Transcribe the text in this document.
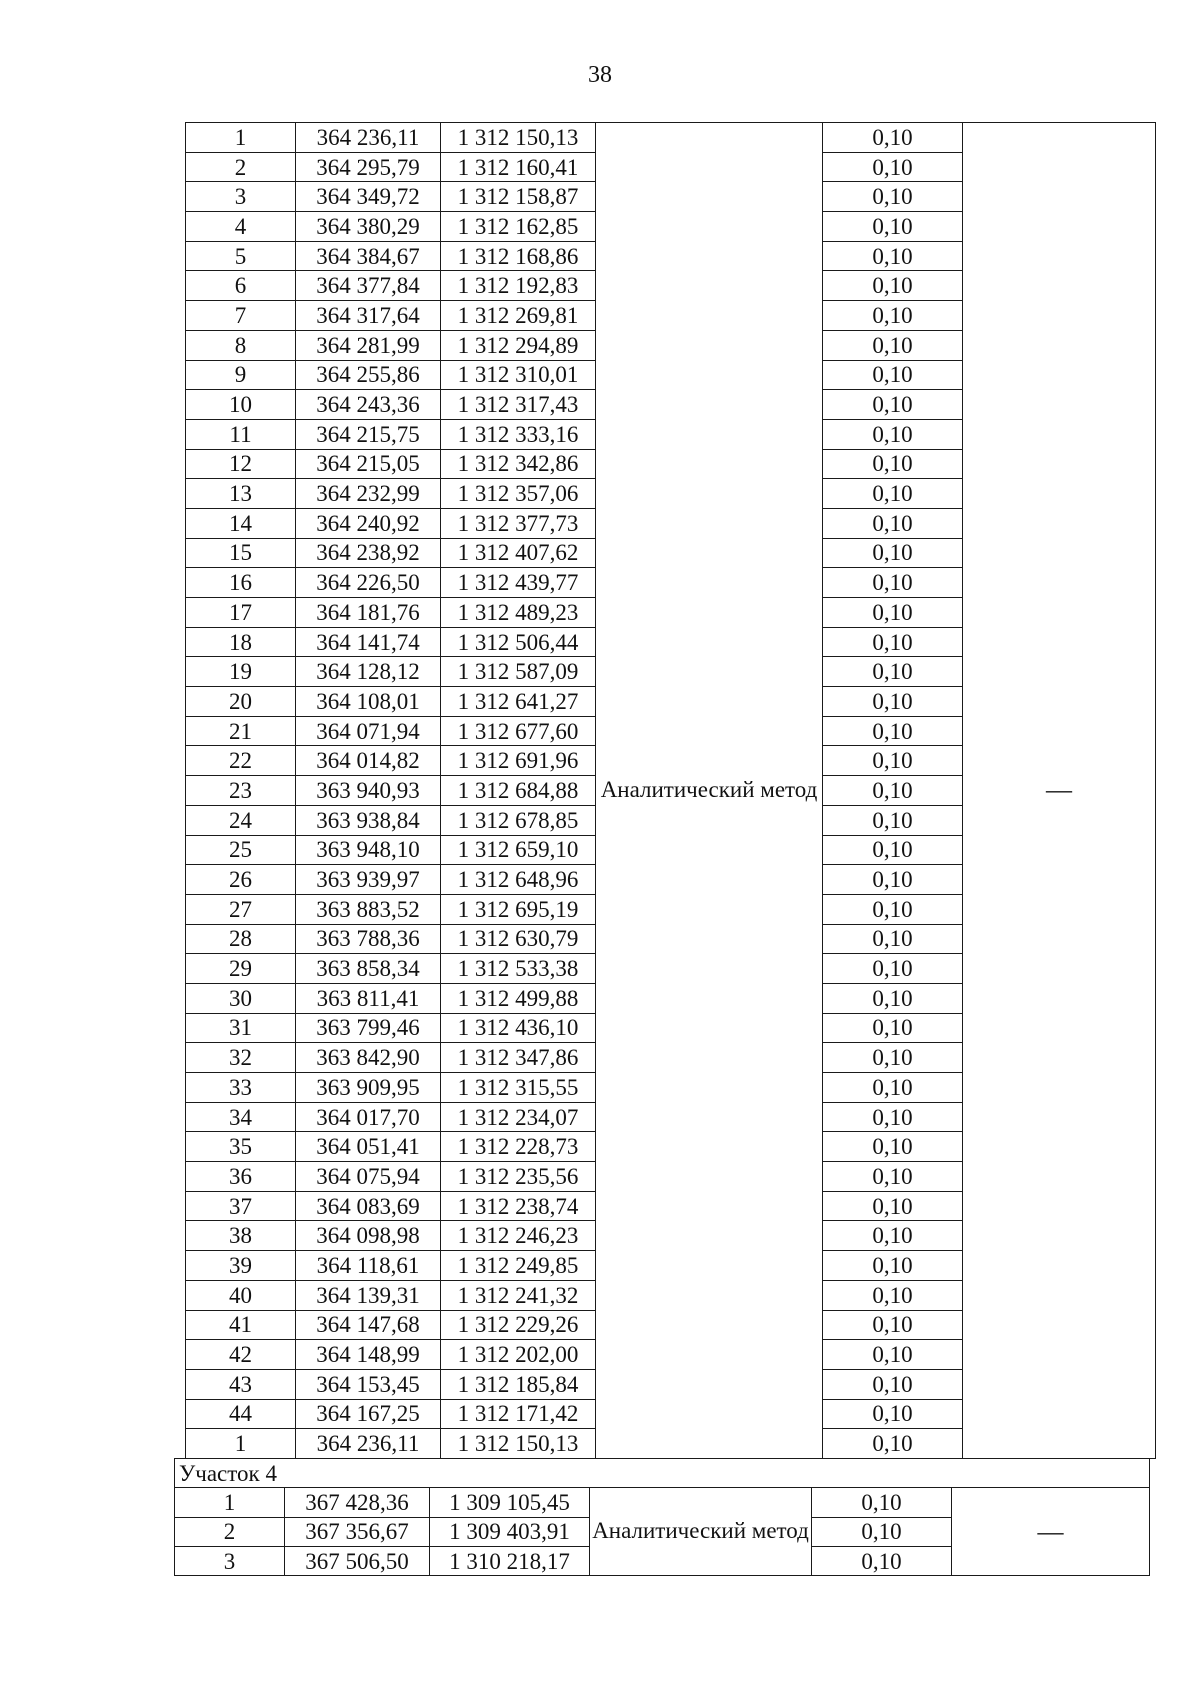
38
1	364 236,11	1 312 150,13	Аналитический метод	0,10	—
2	364 295,79	1 312 160,41		0,10	
3	364 349,72	1 312 158,87		0,10	
4	364 380,29	1 312 162,85		0,10	
5	364 384,67	1 312 168,86		0,10	
6	364 377,84	1 312 192,83		0,10	
7	364 317,64	1 312 269,81		0,10	
8	364 281,99	1 312 294,89		0,10	
9	364 255,86	1 312 310,01		0,10	
10	364 243,36	1 312 317,43		0,10	
11	364 215,75	1 312 333,16		0,10	
12	364 215,05	1 312 342,86		0,10	
13	364 232,99	1 312 357,06		0,10	
14	364 240,92	1 312 377,73		0,10	
15	364 238,92	1 312 407,62		0,10	
16	364 226,50	1 312 439,77		0,10	
17	364 181,76	1 312 489,23		0,10	
18	364 141,74	1 312 506,44		0,10	
19	364 128,12	1 312 587,09		0,10	
20	364 108,01	1 312 641,27		0,10	
21	364 071,94	1 312 677,60		0,10	
22	364 014,82	1 312 691,96		0,10	
23	363 940,93	1 312 684,88		0,10	
24	363 938,84	1 312 678,85		0,10	
25	363 948,10	1 312 659,10		0,10	
26	363 939,97	1 312 648,96		0,10	
27	363 883,52	1 312 695,19		0,10	
28	363 788,36	1 312 630,79		0,10	
29	363 858,34	1 312 533,38		0,10	
30	363 811,41	1 312 499,88		0,10	
31	363 799,46	1 312 436,10		0,10	
32	363 842,90	1 312 347,86		0,10	
33	363 909,95	1 312 315,55		0,10	
34	364 017,70	1 312 234,07		0,10	
35	364 051,41	1 312 228,73		0,10	
36	364 075,94	1 312 235,56		0,10	
37	364 083,69	1 312 238,74		0,10	
38	364 098,98	1 312 246,23		0,10	
39	364 118,61	1 312 249,85		0,10	
40	364 139,31	1 312 241,32		0,10	
41	364 147,68	1 312 229,26		0,10	
42	364 148,99	1 312 202,00		0,10	
43	364 153,45	1 312 185,84		0,10	
44	364 167,25	1 312 171,42		0,10	
1	364 236,11	1 312 150,13		0,10	
Участок 4					
1	367 428,36	1 309 105,45	Аналитический метод	0,10	—
2	367 356,67	1 309 403,91		0,10	
3	367 506,50	1 310 218,17		0,10	
